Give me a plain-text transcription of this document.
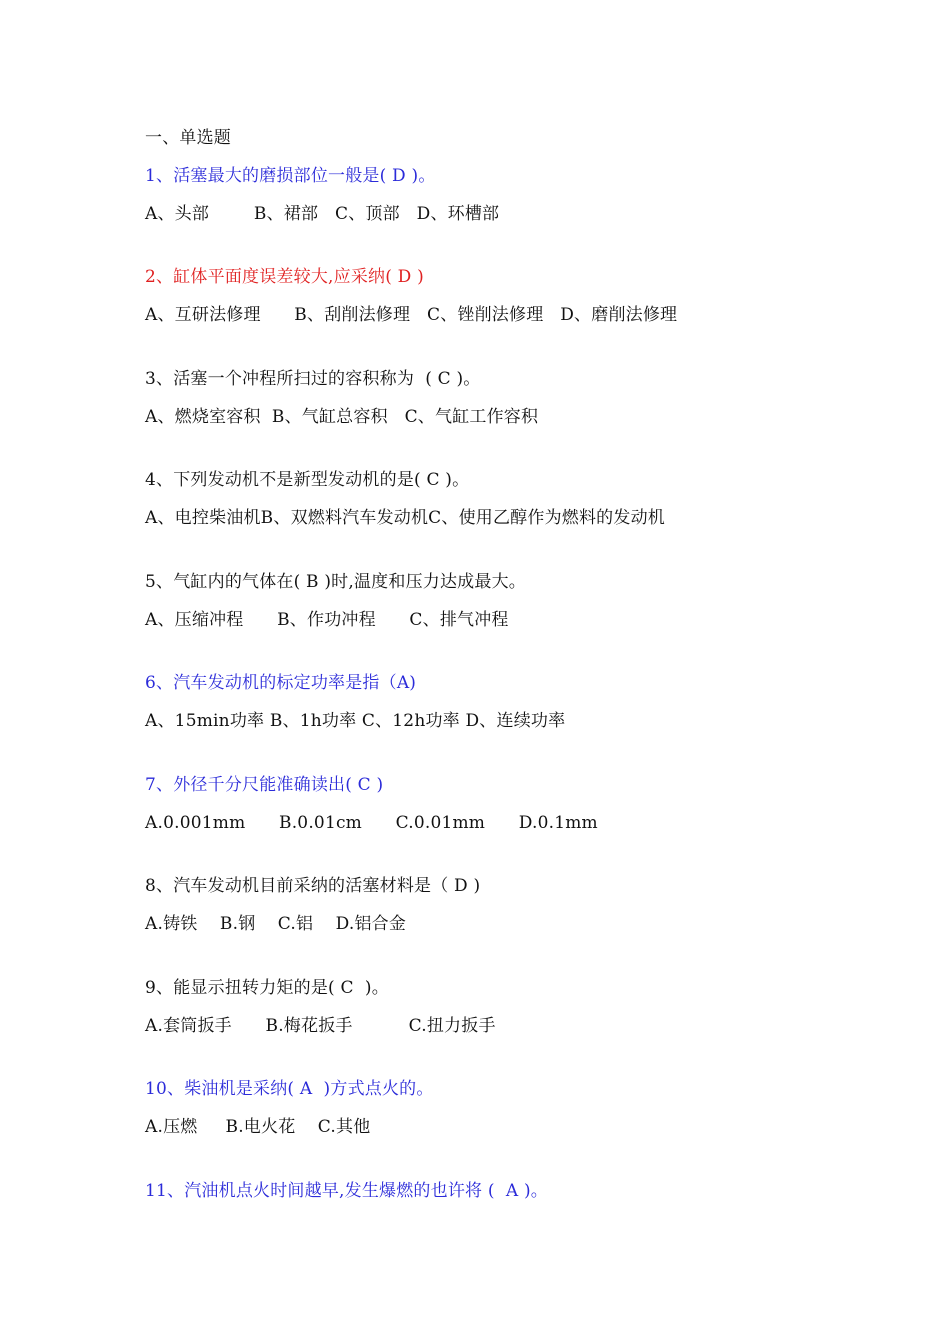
一、单选题
1、活塞最大的磨损部位一般是( D )。
A、头部        B、裙部   C、顶部   D、环槽部
2、缸体平面度误差较大,应采纳( D )
A、互研法修理      B、刮削法修理   C、锉削法修理   D、磨削法修理
3、活塞一个冲程所扫过的容积称为  ( C )。
A、燃烧室容积  B、气缸总容积   C、气缸工作容积
4、下列发动机不是新型发动机的是( C )。
A、电控柴油机B、双燃料汽车发动机C、使用乙醇作为燃料的发动机
5、气缸内的气体在( B )时,温度和压力达成最大。
A、压缩冲程      B、作功冲程      C、排气冲程
6、汽车发动机的标定功率是指（A)
A、15min功率 B、1h功率 C、12h功率 D、连续功率
7、外径千分尺能准确读出( C )
A.0.001mm      B.0.01cm      C.0.01mm      D.0.1mm
8、汽车发动机目前采纳的活塞材料是（ D )
A.铸铁    B.钢    C.铝    D.铝合金
9、能显示扭转力矩的是( C  )。
A.套筒扳手      B.梅花扳手          C.扭力扳手
10、柴油机是采纳( A  )方式点火的。
A.压燃     B.电火花    C.其他
11、汽油机点火时间越早,发生爆燃的也许将 (  A )。
